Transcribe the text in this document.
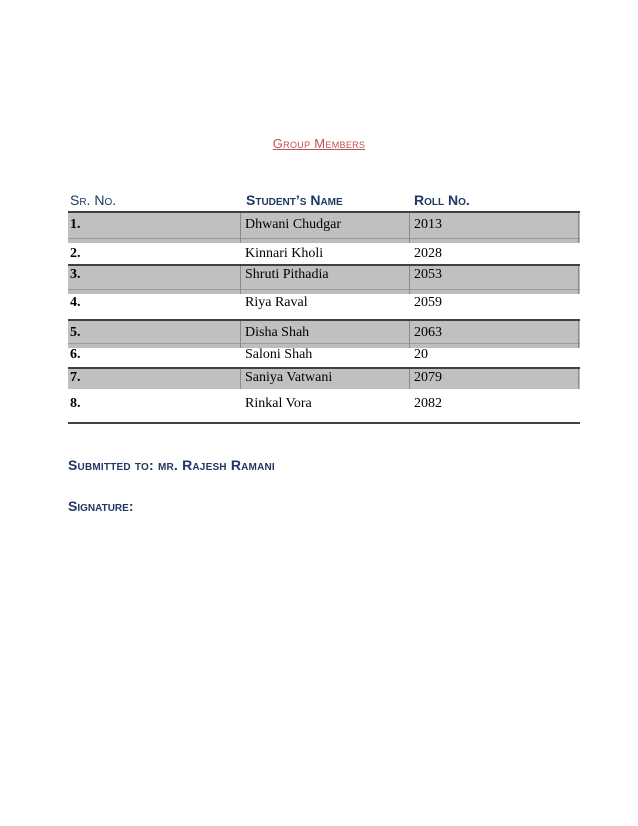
Group Members
Sr. No.	Student’s Name	Roll No.
1.	Dhwani Chudgar	2013
2.	Kinnari Kholi	2028
3.	Shruti Pithadia	2053
4.	Riya Raval	2059
5.	Disha Shah	2063
6.	Saloni Shah	20
7.	Saniya Vatwani	2079
8.	Rinkal Vora	2082
Submitted to: mr. Rajesh Ramani
Signature:
